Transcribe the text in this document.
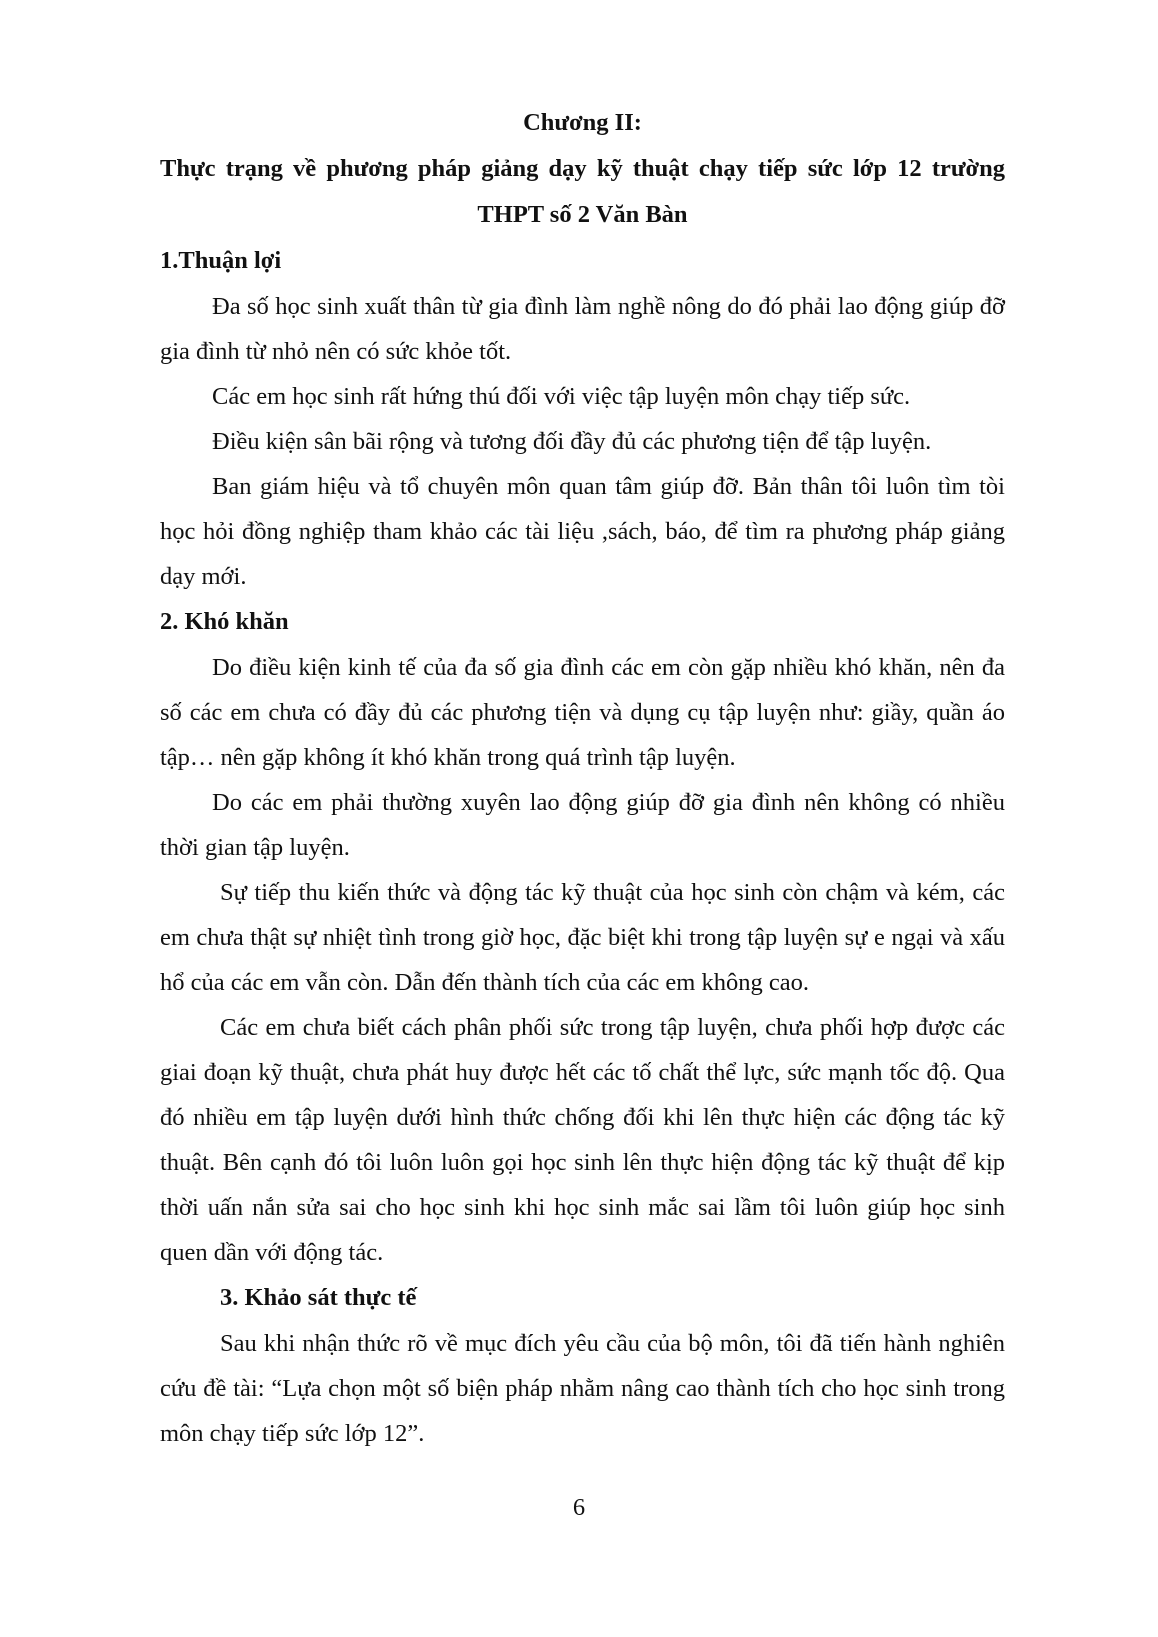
Chương II:
Thực trạng về phương pháp giảng dạy kỹ thuật chạy tiếp sức lớp 12 trường
THPT số 2 Văn Bàn
1.Thuận lợi

Đa số học sinh xuất thân từ gia đình làm nghề nông do đó phải lao động giúp đỡ gia đình từ nhỏ nên có sức khỏe tốt.

Các em học sinh rất hứng thú đối với việc tập luyện môn chạy tiếp sức.

Điều kiện sân bãi rộng và tương đối đầy đủ các phương tiện để tập luyện.

Ban giám hiệu và tổ chuyên môn quan tâm giúp đỡ. Bản thân tôi luôn tìm tòi học hỏi đồng nghiệp tham khảo các tài liệu ,sách, báo, để tìm ra phương pháp giảng dạy mới.

2. Khó khăn

Do điều kiện kinh tế của đa số gia đình các em còn gặp nhiều khó khăn, nên đa số các em chưa có đầy đủ các phương tiện và dụng cụ tập luyện như: giầy, quần áo tập… nên gặp không ít khó khăn trong quá trình tập luyện.

Do các em phải thường xuyên lao động giúp đỡ gia đình nên không có nhiều thời gian tập luyện.

Sự tiếp thu kiến thức và động tác kỹ thuật của học sinh còn chậm và kém, các em chưa thật sự nhiệt tình trong giờ học, đặc biệt khi trong tập luyện sự e ngại và xấu hổ của các em vẫn còn. Dẫn đến thành tích của các em không cao.

Các em chưa biết cách phân phối sức trong tập luyện, chưa phối hợp được các giai đoạn kỹ thuật, chưa phát huy được hết các tố chất thể lực, sức mạnh tốc độ. Qua đó nhiều em tập luyện dưới hình thức chống đối khi lên thực hiện các động tác kỹ thuật. Bên cạnh đó tôi luôn luôn gọi học sinh lên thực hiện động tác kỹ thuật để kịp thời uấn nắn sửa sai cho học sinh khi học sinh mắc sai lầm tôi luôn giúp học sinh quen dần với động tác.

3. Khảo sát thực tế

Sau khi nhận thức rõ về mục đích yêu cầu của bộ môn, tôi đã tiến hành nghiên cứu đề tài: “Lựa chọn một số biện pháp nhằm nâng cao thành tích cho học sinh trong môn chạy tiếp sức lớp 12”.

6
